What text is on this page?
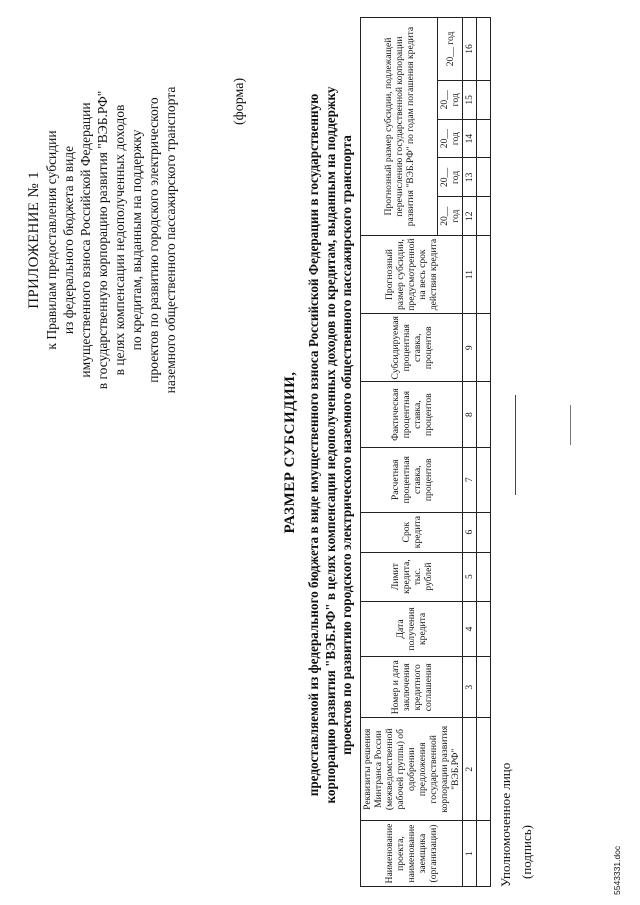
ПРИЛОЖЕНИЕ № 1 к Правилам предоставления субсидии из федерального бюджета в виде имущественного взноса Российской Федерации в государственную корпорацию развития "ВЭБ.РФ" в целях компенсации недополученных доходов по кредитам, выданным на поддержку проектов по развитию городского электрического наземного общественного пассажирского транспорта	(форма)
РАЗМЕР СУБСИДИИ, предоставляемой из федерального бюджета в виде имущественного взноса Российской Федерации в государственную корпорацию развития "ВЭБ.РФ" в целях компенсации недополученных доходов по кредитам, выданным на поддержку проектов по развитию городского электрического наземного общественного пассажирского транспорта
Наименование проекта, наименование заемщика (организации)	Реквизиты решения Минтранса России (межведомственной рабочей группы) об одобрении предложения государственной корпорации развития "ВЭБ.РФ"	Номер и дата заключения кредитного соглашения	Дата получения кредита	Лимит кредита, тыс. рублей	Срок кредита	Расчетная процентная ставка, процентов	Фактическая процентная ставка, процентов	Субсидируемая процентная ставка, процентов	Прогнозный размер субсидии, предусмотренной на весь срок действия кредита	Прогнозный размер субсидии, подлежащей перечислению государственной корпорации развития "ВЭБ.РФ" по годам погашения кредита				
										20__ год	20__ год	20__ год	20__ год	20__ год
1	2	3	4	5	6	7	8	9	11	12	13	14	15	16

Уполномоченное лицо (подпись)	5543331.doc
